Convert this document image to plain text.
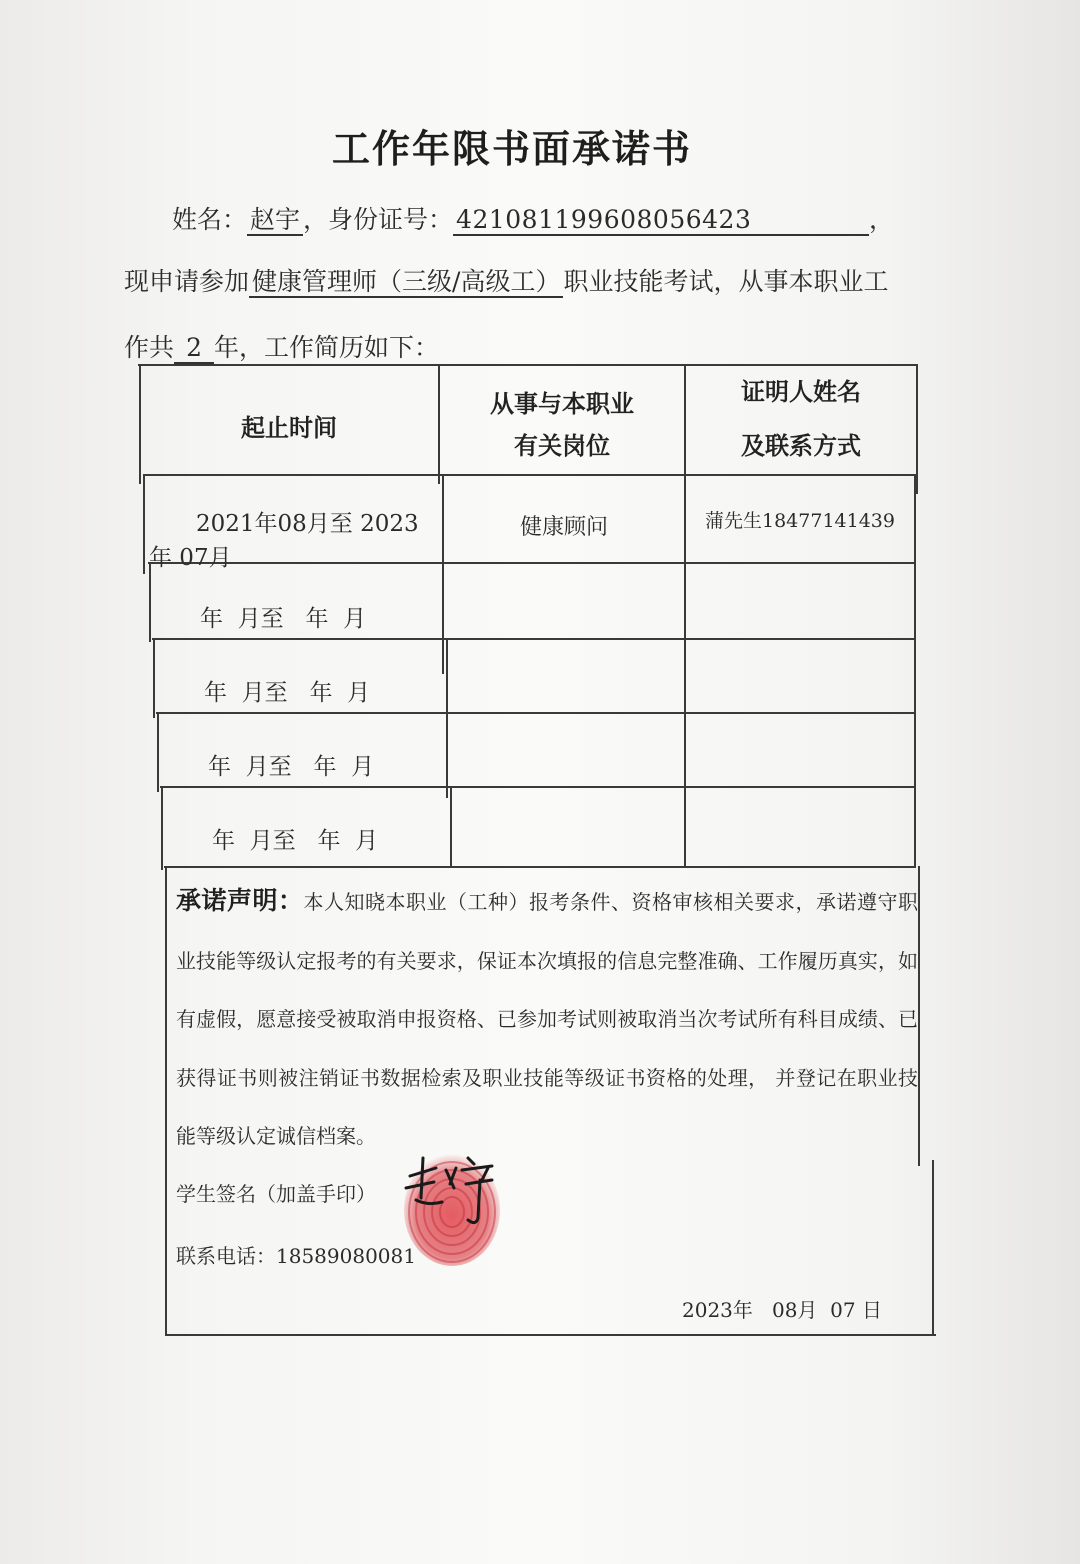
工作年限书面承诺书
姓名： 赵宇 ，身份证号： 421081199608056423	，
现申请参加 健康管理师（三级/高级工） 职业技能考试，从事本职业工
作共 2 年，工作简历如下：
起止时间
从事与本职业
有关岗位
证明人姓名
及联系方式
2021年08月至 2023
年 07月
健康顾问	蒲先生18477141439
年  月至   年  月
年  月至   年  月
年  月至   年  月
年  月至   年  月
承诺声明：本人知晓本职业（工种）报考条件、资格审核相关要求，承诺遵守职业技能等级认定报考的有关要求，保证本次填报的信息完整准确、工作履历真实，如有虚假，愿意接受被取消申报资格、已参加考试则被取消当次考试所有科目成绩、已获得证书则被注销证书数据检索及职业技能等级证书资格的处理， 并登记在职业技能等级认定诚信档案。
学生签名（加盖手印）
联系电话：18589080081
2023年   08月  07 日
